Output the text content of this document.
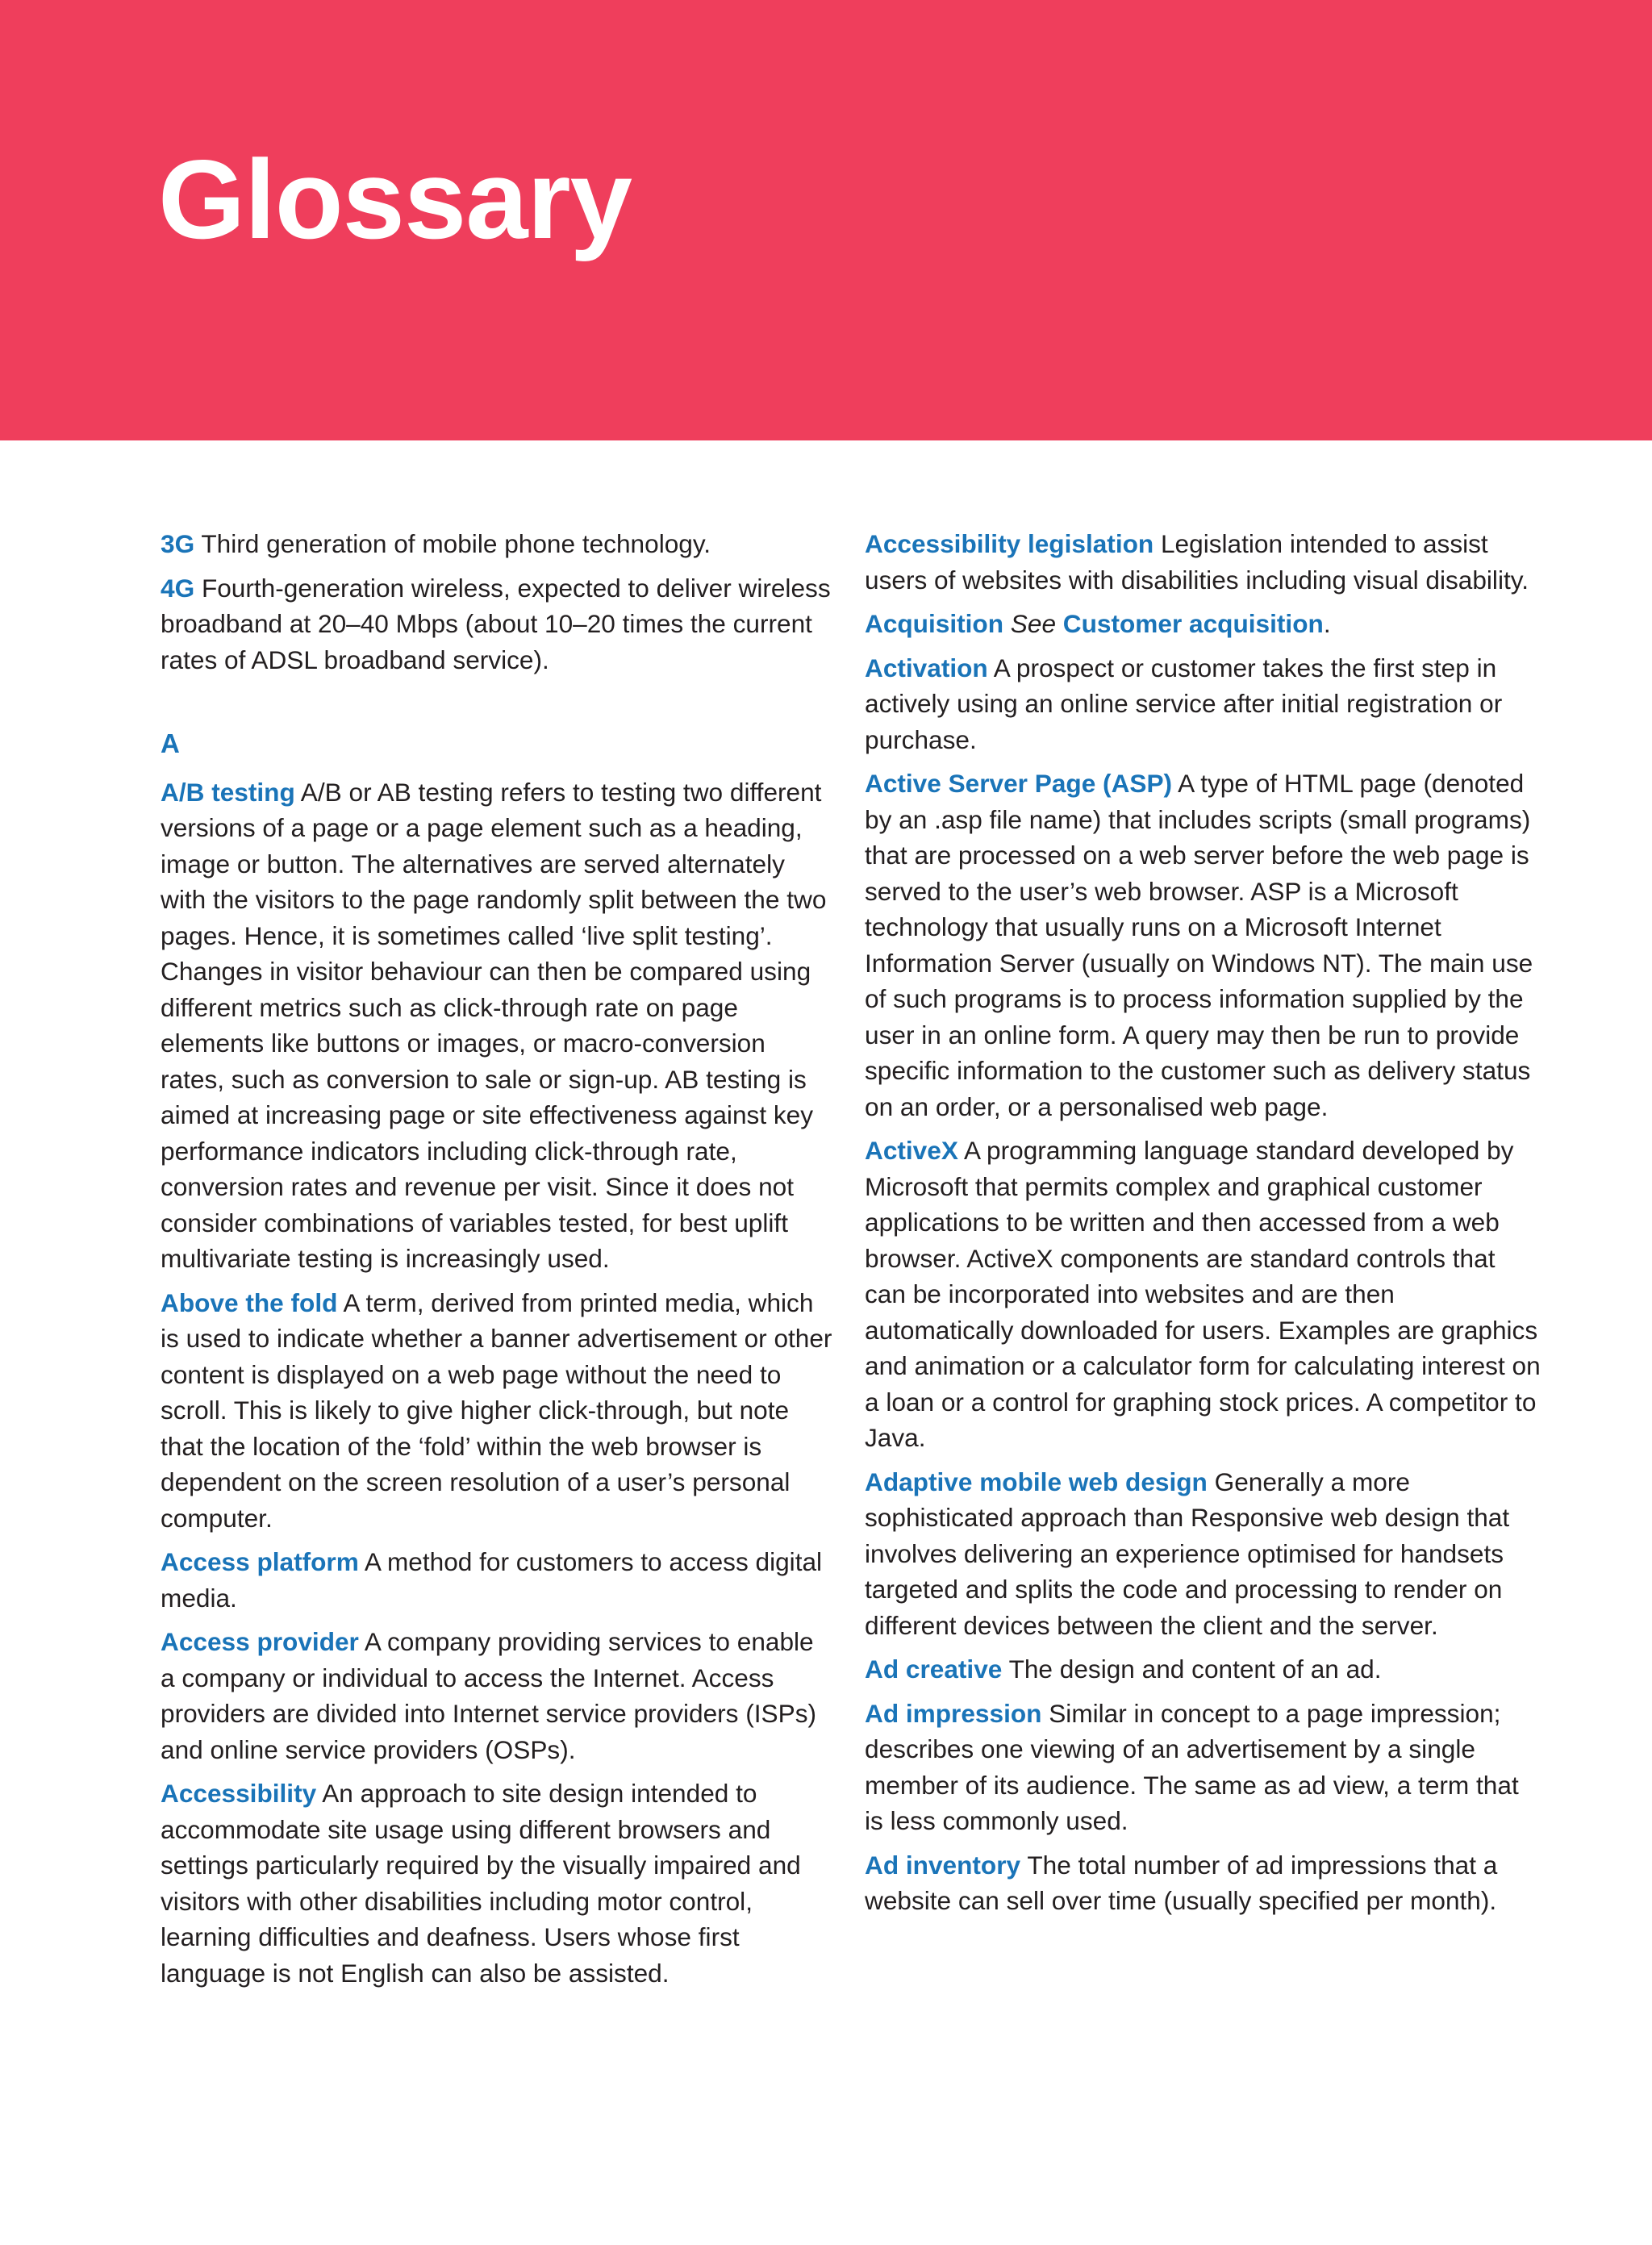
Glossary

3G Third generation of mobile phone technology.

4G Fourth-generation wireless, expected to deliver wireless broadband at 20–40 Mbps (about 10–20 times the current rates of ADSL broadband service).

A

A/B testing A/B or AB testing refers to testing two different versions of a page or a page element such as a heading, image or button. The alternatives are served alternately with the visitors to the page randomly split between the two pages. Hence, it is sometimes called ‘live split testing’. Changes in visitor behaviour can then be compared using different metrics such as click-through rate on page elements like buttons or images, or macro-conversion rates, such as conversion to sale or sign-up. AB testing is aimed at increasing page or site effectiveness against key performance indicators including click-through rate, conversion rates and revenue per visit. Since it does not consider combinations of variables tested, for best uplift multivariate testing is increasingly used.

Above the fold A term, derived from printed media, which is used to indicate whether a banner advertisement or other content is displayed on a web page without the need to scroll. This is likely to give higher click-through, but note that the location of the ‘fold’ within the web browser is dependent on the screen resolution of a user’s personal computer.

Access platform A method for customers to access digital media.

Access provider A company providing services to enable a company or individual to access the Internet. Access providers are divided into Internet service providers (ISPs) and online service providers (OSPs).

Accessibility An approach to site design intended to accommodate site usage using different browsers and settings particularly required by the visually impaired and visitors with other disabilities including motor control, learning difficulties and deafness. Users whose first language is not English can also be assisted.

Accessibility legislation Legislation intended to assist users of websites with disabilities including visual disability.

Acquisition See Customer acquisition.

Activation A prospect or customer takes the first step in actively using an online service after initial registration or purchase.

Active Server Page (ASP) A type of HTML page (denoted by an .asp file name) that includes scripts (small programs) that are processed on a web server before the web page is served to the user’s web browser. ASP is a Microsoft technology that usually runs on a Microsoft Internet Information Server (usually on Windows NT). The main use of such programs is to process information supplied by the user in an online form. A query may then be run to provide specific information to the customer such as delivery status on an order, or a personalised web page.

ActiveX A programming language standard developed by Microsoft that permits complex and graphical customer applications to be written and then accessed from a web browser. ActiveX components are standard controls that can be incorporated into websites and are then automatically downloaded for users. Examples are graphics and animation or a calculator form for calculating interest on a loan or a control for graphing stock prices. A competitor to Java.

Adaptive mobile web design Generally a more sophisticated approach than Responsive web design that involves delivering an experience optimised for handsets targeted and splits the code and processing to render on different devices between the client and the server.

Ad creative The design and content of an ad.

Ad impression Similar in concept to a page impression; describes one viewing of an advertisement by a single member of its audience. The same as ad view, a term that is less commonly used.

Ad inventory The total number of ad impressions that a website can sell over time (usually specified per month).
